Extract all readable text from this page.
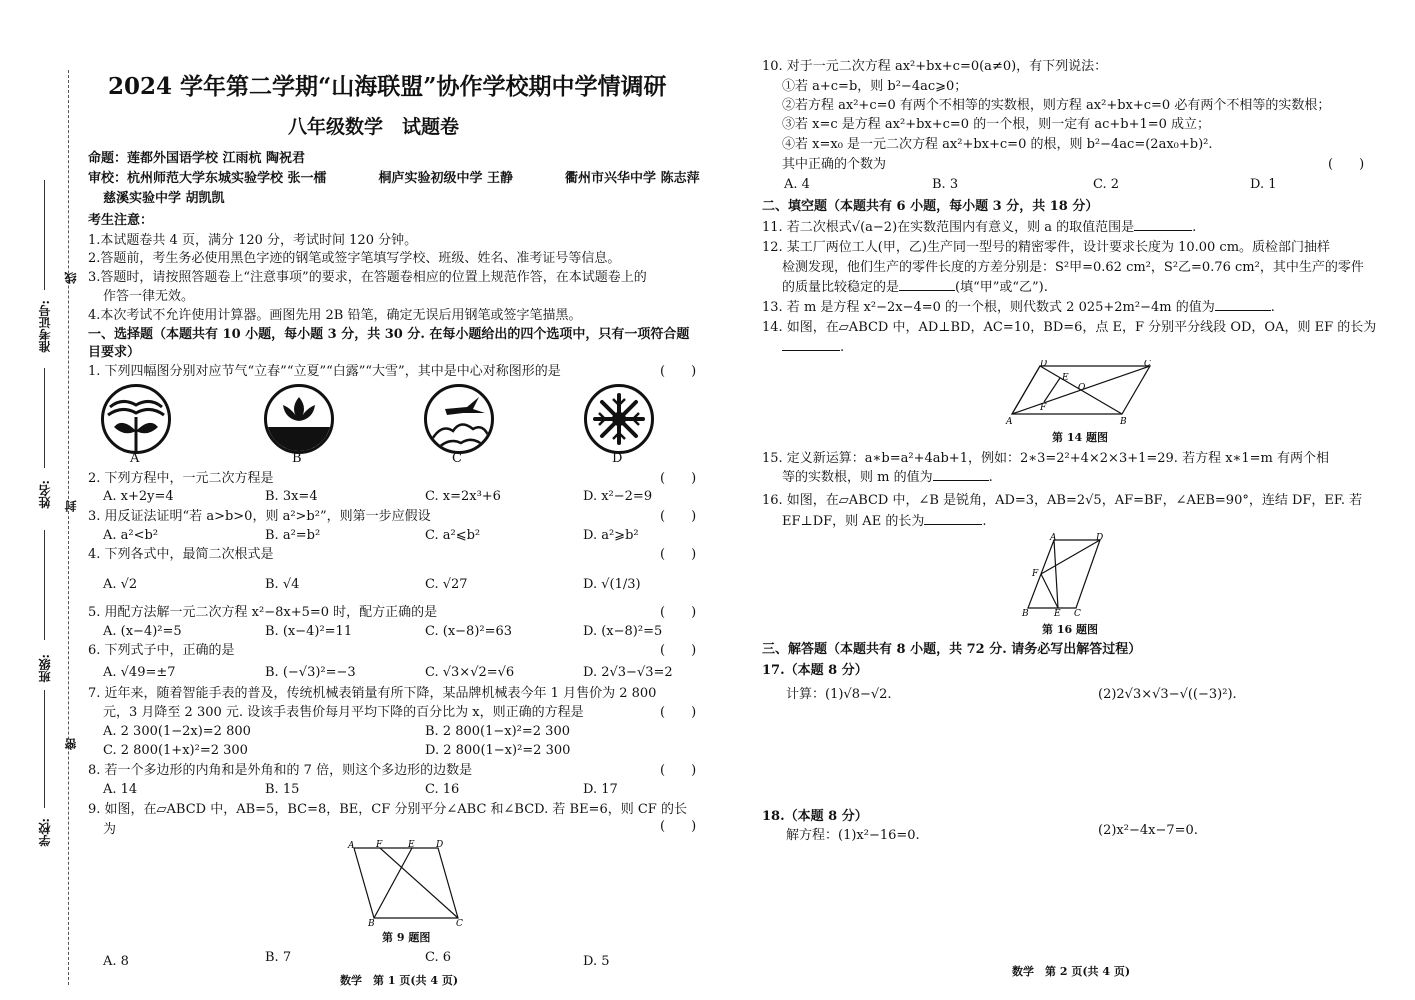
准考证号:
线
姓名: 封
班级:
密
学校:
2024 学年第二学期“山海联盟”协作学校期中学情调研
八年级数学　试题卷
命题：莲都外国语学校 江雨杭 陶祝君
审校：杭州师范大学东城实验学校 张一檑　　　　桐庐实验初级中学 王静　　　　衢州市兴华中学 陈志萍
慈溪实验中学 胡凯凯
考生注意：
1.本试题卷共 4 页，满分 120 分，考试时间 120 分钟。
2.答题前，考生务必使用黑色字迹的钢笔或签字笔填写学校、班级、姓名、准考证号等信息。
3.答题时，请按照答题卷上“注意事项”的要求，在答题卷相应的位置上规范作答，在本试题卷上的
作答一律无效。
4.本次考试不允许使用计算器。画图先用 2B 铅笔，确定无误后用钢笔或签字笔描黑。
一、选择题（本题共有 10 小题，每小题 3 分，共 30 分. 在每小题给出的四个选项中，只有一项符合题
目要求）
1. 下列四幅图分别对应节气“立春”“立夏”“白露”“大雪”，其中是中心对称图形的是	(　　)
A	B	C	D
2. 下列方程中，一元二次方程是	(　　)
A. x+2y=4	B. 3x=4	C. x=2x³+6	D. x²−2=9
3. 用反证法证明“若 a>b>0，则 a²>b²”，则第一步应假设	(　　)
A. a²<b²	B. a²=b²	C. a²⩽b²	D. a²⩾b²
4. 下列各式中，最简二次根式是	(　　)
A. √2	B. √4	C. √27	D. √(1/3)
5. 用配方法解一元二次方程 x²−8x+5=0 时，配方正确的是	(　　)
A. (x−4)²=5	B. (x−4)²=11	C. (x−8)²=63	D. (x−8)²=5
6. 下列式子中，正确的是	(　　)
A. √49=±7	B. (−√3)²=−3	C. √3×√2=√6	D. 2√3−√3=2
7. 近年来，随着智能手表的普及，传统机械表销量有所下降，某品牌机械表今年 1 月售价为 2 800
元，3 月降至 2 300 元. 设该手表售价每月平均下降的百分比为 x，则正确的方程是	(　　)
A. 2 300(1−2x)=2 800	B. 2 800(1−x)²=2 300
C. 2 800(1+x)²=2 300	D. 2 800(1−x)²=2 300
8. 若一个多边形的内角和是外角和的 7 倍，则这个多边形的边数是	(　　)
A. 14	B. 15	C. 16	D. 17
9. 如图，在▱ABCD 中，AB=5，BC=8，BE，CF 分别平分∠ABC 和∠BCD. 若 BE=6，则 CF 的长
为	(　　)
A F	E D
B	C
第 9 题图
A. 8	B. 7	C. 6	D. 5
数学　第 1 页(共 4 页)
10. 对于一元二次方程 ax²+bx+c=0(a≠0)，有下列说法：
①若 a+c=b，则 b²−4ac⩾0；
②若方程 ax²+c=0 有两个不相等的实数根，则方程 ax²+bx+c=0 必有两个不相等的实数根；
③若 x=c 是方程 ax²+bx+c=0 的一个根，则一定有 ac+b+1=0 成立；
④若 x=x₀ 是一元二次方程 ax²+bx+c=0 的根，则 b²−4ac=(2ax₀+b)².
其中正确的个数为	(　　)
A. 4	B. 3	C. 2	D. 1
二、填空题（本题共有 6 小题，每小题 3 分，共 18 分）
11. 若二次根式√(a−2)在实数范围内有意义，则 a 的取值范围是	.
12. 某工厂两位工人(甲，乙)生产同一型号的精密零件，设计要求长度为 10.00 cm。质检部门抽样
检测发现，他们生产的零件长度的方差分别是：S²甲=0.62 cm²，S²乙=0.76 cm²，其中生产的零件
的质量比较稳定的是	(填“甲”或“乙”).
13. 若 m 是方程 x²−2x−4=0 的一个根，则代数式 2 025+2m²−4m 的值为	.
14. 如图，在▱ABCD 中，AD⊥BD，AC=10，BD=6，点 E，F 分别平分线段 OD，OA，则 EF 的长为
.
D
E
O
F
A	B
C
第 14 题图
15. 定义新运算：a∗b=a²+4ab+1，例如：2∗3=2²+4×2×3+1=29. 若方程 x∗1=m 有两个相
等的实数根，则 m 的值为	.
16. 如图，在▱ABCD 中，∠B 是锐角，AD=3，AB=2√5，AF=BF，∠AEB=90°，连结 DF，EF. 若
EF⊥DF，则 AE 的长为	.
A	D
F
B	E C
第 16 题图
三、解答题（本题共有 8 小题，共 72 分. 请务必写出解答过程）
17.（本题 8 分）
计算：(1)√8−√2.	(2)2√3×√3−√((−3)²).
18.（本题 8 分）
解方程：(1)x²−16=0.	(2)x²−4x−7=0.
数学　第 2 页(共 4 页)
